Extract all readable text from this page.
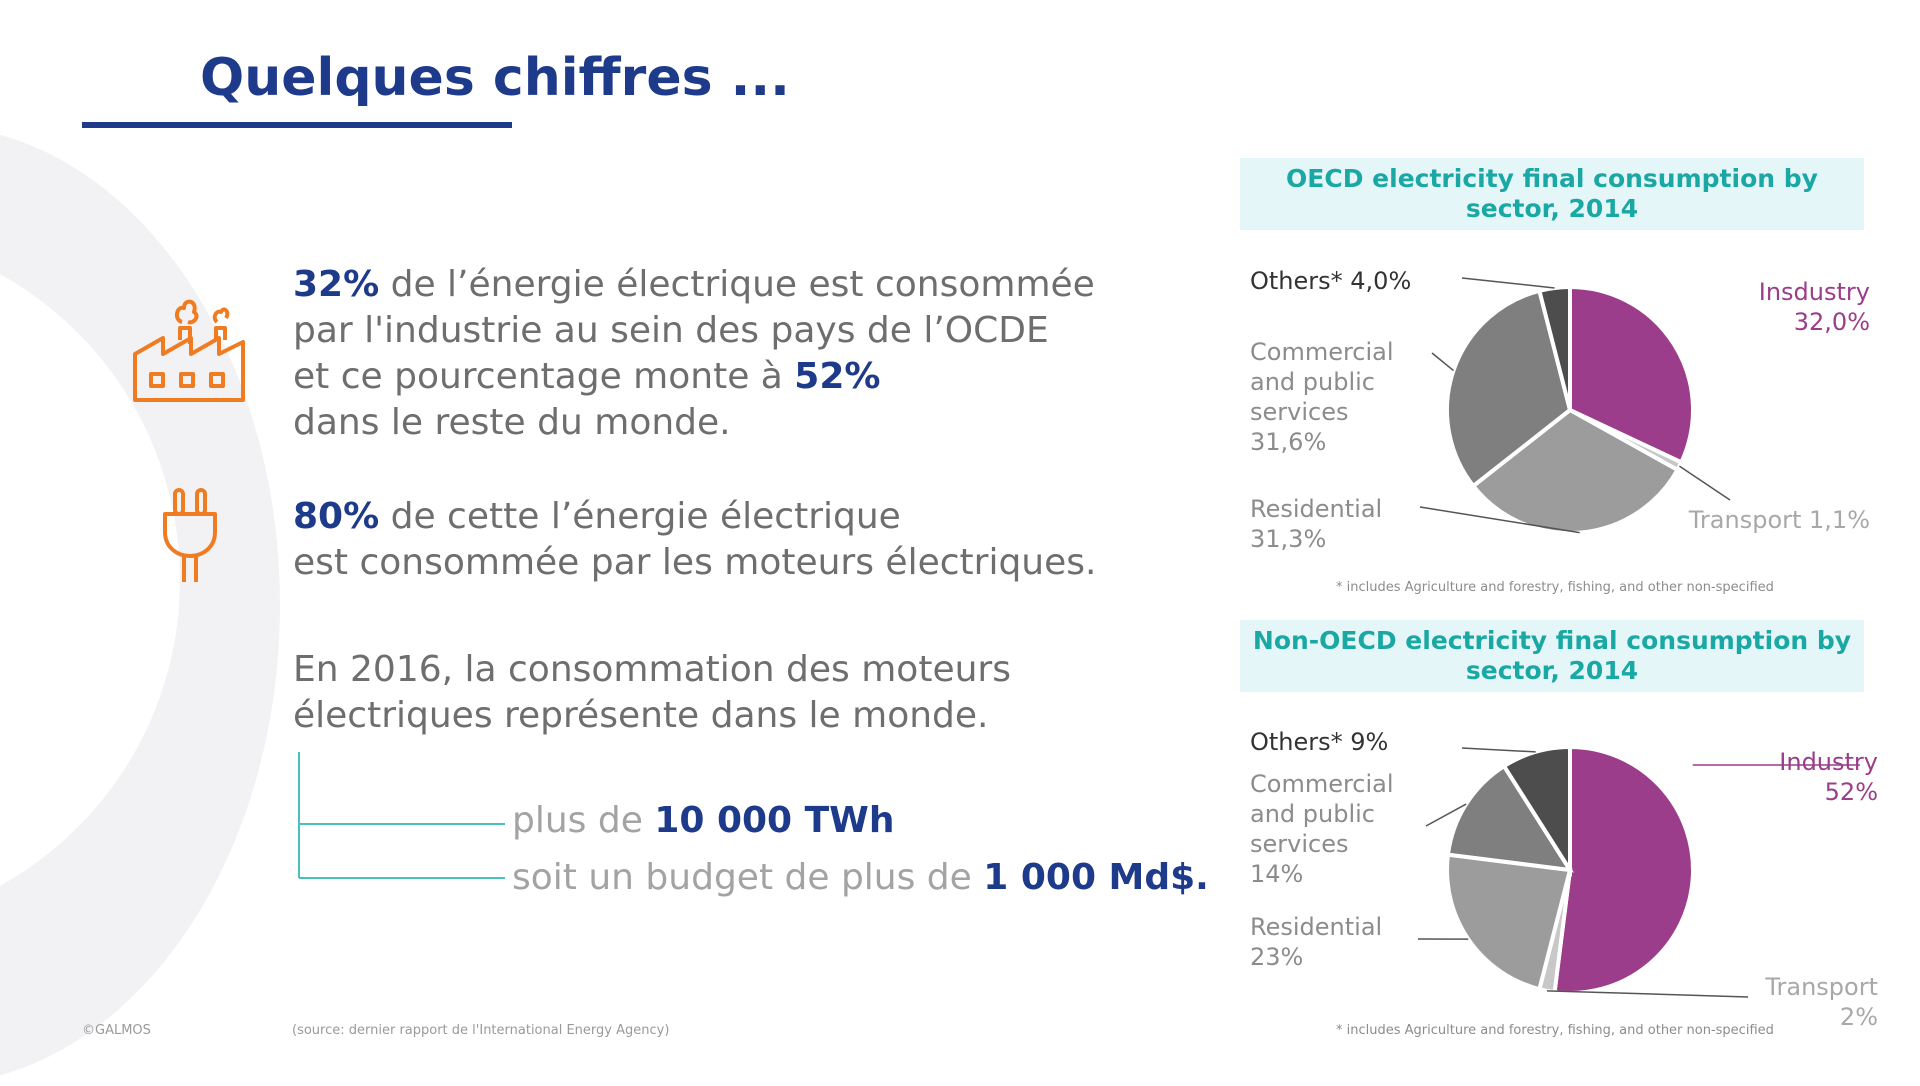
Quelques chiffres ...

32% de l’énergie électrique est consommée
par l'industrie au sein des pays de l’OCDE
et ce pourcentage monte à 52%
dans le reste du monde.

80% de cette l’énergie électrique
est consommée par les moteurs électriques.

En 2016, la consommation des moteurs
électriques représente dans le monde.

plus de 10 000 TWh

soit un budget de plus de 1 000 Md$.

©GALMOS	(source: dernier rapport de l'International Energy Agency)
OECD electricity final consumption by sector, 2014
Insdustry 32,0%
Transport 1,1%
Residential 31,3%
Commercial and public services 31,6%
Others* 4,0%
* includes Agriculture and forestry, fishing, and other non-specified
Non-OECD electricity final consumption by sector, 2014
Industry 52%
Transport 2%
Residential 23%
Commercial and public services 14%
Others* 9%
* includes Agriculture and forestry, fishing, and other non-specified
